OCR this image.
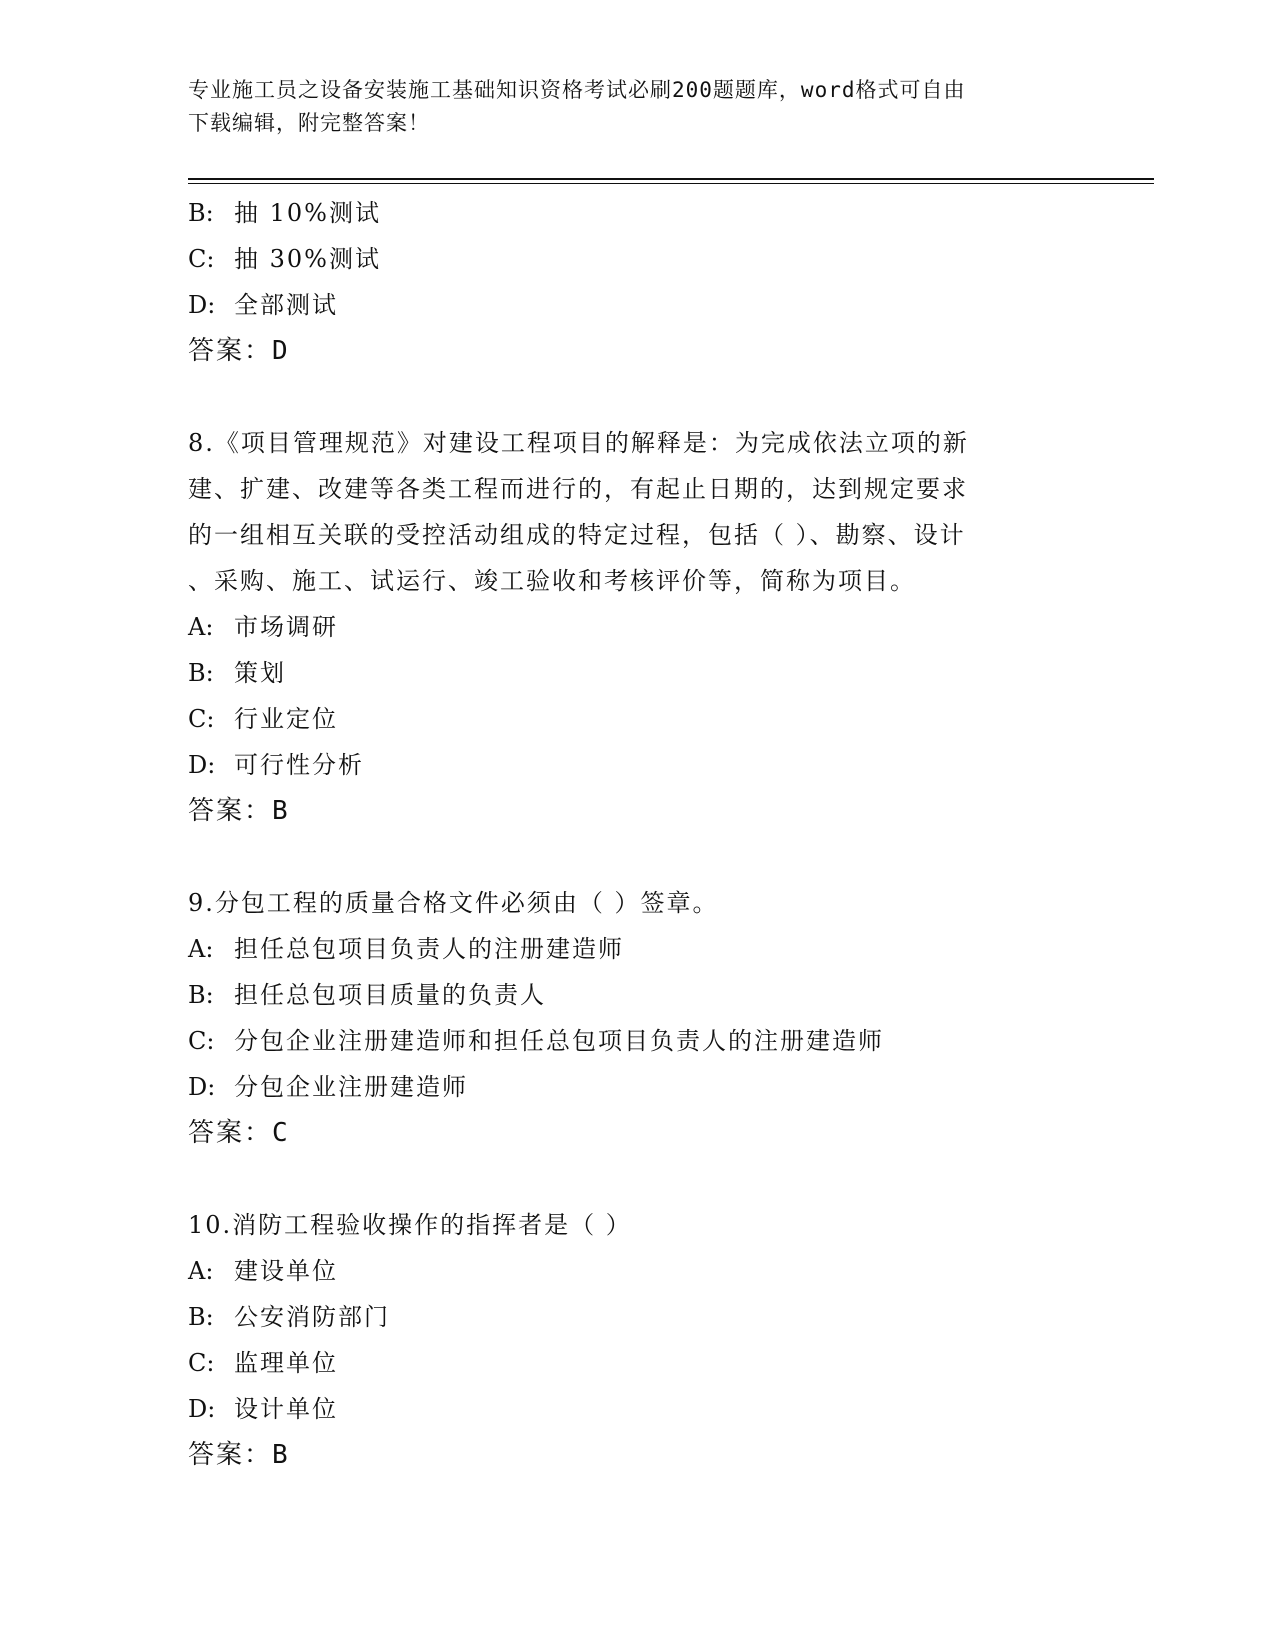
专业施工员之设备安装施工基础知识资格考试必刷200题题库，word格式可自由
下载编辑，附完整答案！
B: 抽 10%测试
C: 抽 30%测试
D: 全部测试
答案：D
8.《项目管理规范》对建设工程项目的解释是：为完成依法立项的新
建、扩建、改建等各类工程而进行的，有起止日期的，达到规定要求
的一组相互关联的受控活动组成的特定过程，包括（ ）、勘察、设计
、采购、施工、试运行、竣工验收和考核评价等，简称为项目。
A: 市场调研
B: 策划
C: 行业定位
D: 可行性分析
答案：B
9.分包工程的质量合格文件必须由（ ）签章。
A: 担任总包项目负责人的注册建造师
B: 担任总包项目质量的负责人
C: 分包企业注册建造师和担任总包项目负责人的注册建造师
D: 分包企业注册建造师
答案：C
10.消防工程验收操作的指挥者是（ ）
A: 建设单位
B: 公安消防部门
C: 监理单位
D: 设计单位
答案：B
